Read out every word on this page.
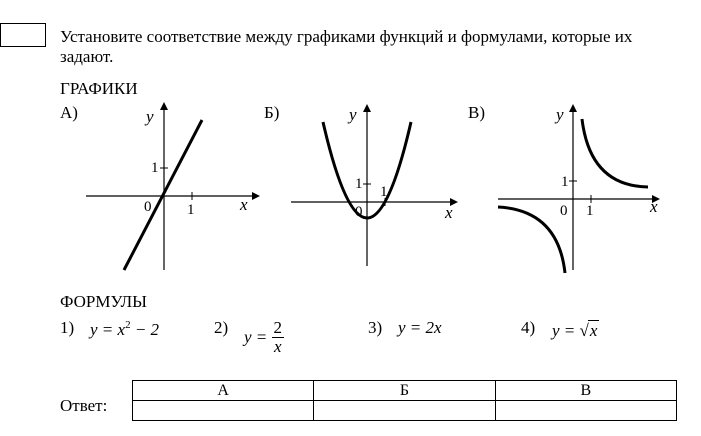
Установите соответствие между графиками функций и формулами, которые их задают.
ГРАФИКИ
А)	y
x
0 1
1
Б)	y
x
0
1
1
В)	y
x
0 1
1
ФОРМУЛЫ
1) $y = x^2 - 2$	2) $y = \frac{2}{x}$	3) y = 2x	4) y = √x
Ответ:
А	Б	В
